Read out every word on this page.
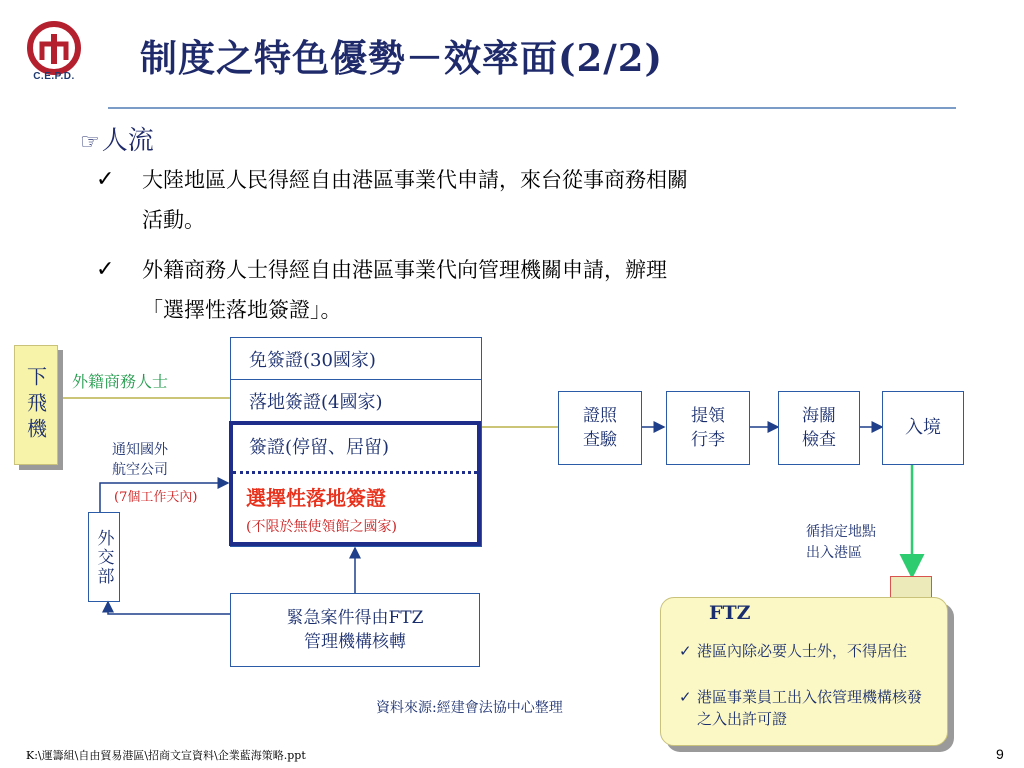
C.E.P.D.	制度之特色優勢－效率面(2/2)
☞人流
✓ 大陸地區人民得經自由港區事業代申請，來台從事商務相關
活動。
✓ 外籍商務人士得經自由港區事業代向管理機關申請，辦理
「選擇性落地簽證」。
下飛機	外籍商務人士
通知國外
航空公司
(7個工作天內)
外交部
免簽證(30國家)
落地簽證(4國家)
簽證(停留、居留)
選擇性落地簽證
(不限於無使領館之國家)
緊急案件得由FTZ
管理機構核轉
證照
查驗
提領
行李
海關
檢查
入境
循指定地點
出入港區
FTZ
✓ 港區內除必要人士外，不得居住
✓ 港區事業員工出入依管理機構核發之入出許可證
資料來源:經建會法協中心整理
K:\運籌組\自由貿易港區\招商文宣資料\企業藍海策略.ppt	9
